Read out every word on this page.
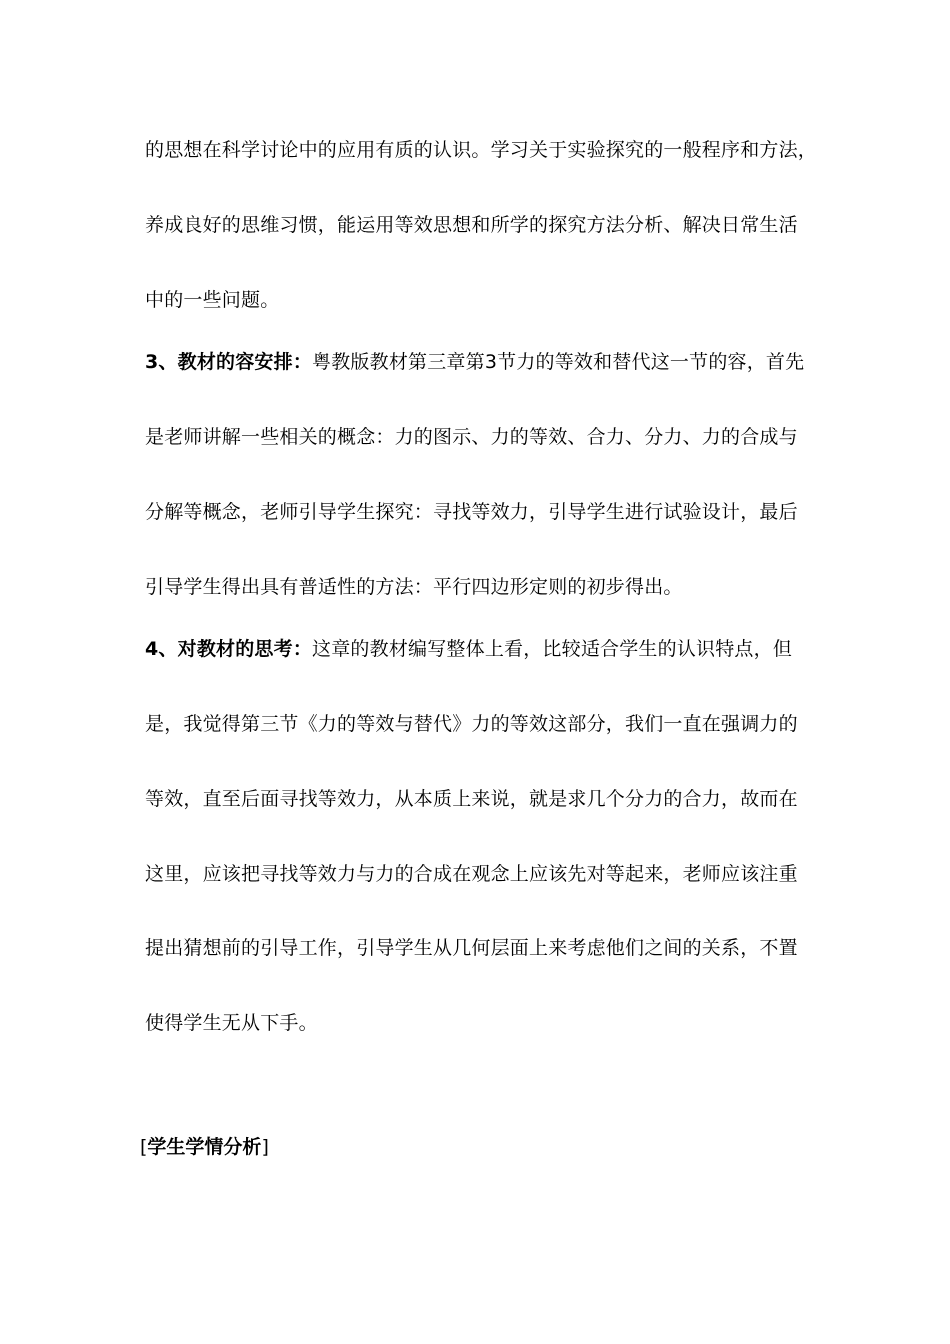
的思想在科学讨论中的应用有质的认识。学习关于实验探究的一般程序和方法，
养成良好的思维习惯，能运用等效思想和所学的探究方法分析、解决日常生活
中的一些问题。
3、教材的容安排：粤教版教材第三章第3节力的等效和替代这一节的容，首先
是老师讲解一些相关的概念：力的图示、力的等效、合力、分力、力的合成与
分解等概念，老师引导学生探究：寻找等效力，引导学生进行试验设计，最后
引导学生得出具有普适性的方法：平行四边形定则的初步得出。
4、对教材的思考：这章的教材编写整体上看，比较适合学生的认识特点，但
是，我觉得第三节《力的等效与替代》力的等效这部分，我们一直在强调力的
等效，直至后面寻找等效力，从本质上来说，就是求几个分力的合力，故而在
这里，应该把寻找等效力与力的合成在观念上应该先对等起来，老师应该注重
提出猜想前的引导工作，引导学生从几何层面上来考虑他们之间的关系，不置
使得学生无从下手。
[学生学情分析]
